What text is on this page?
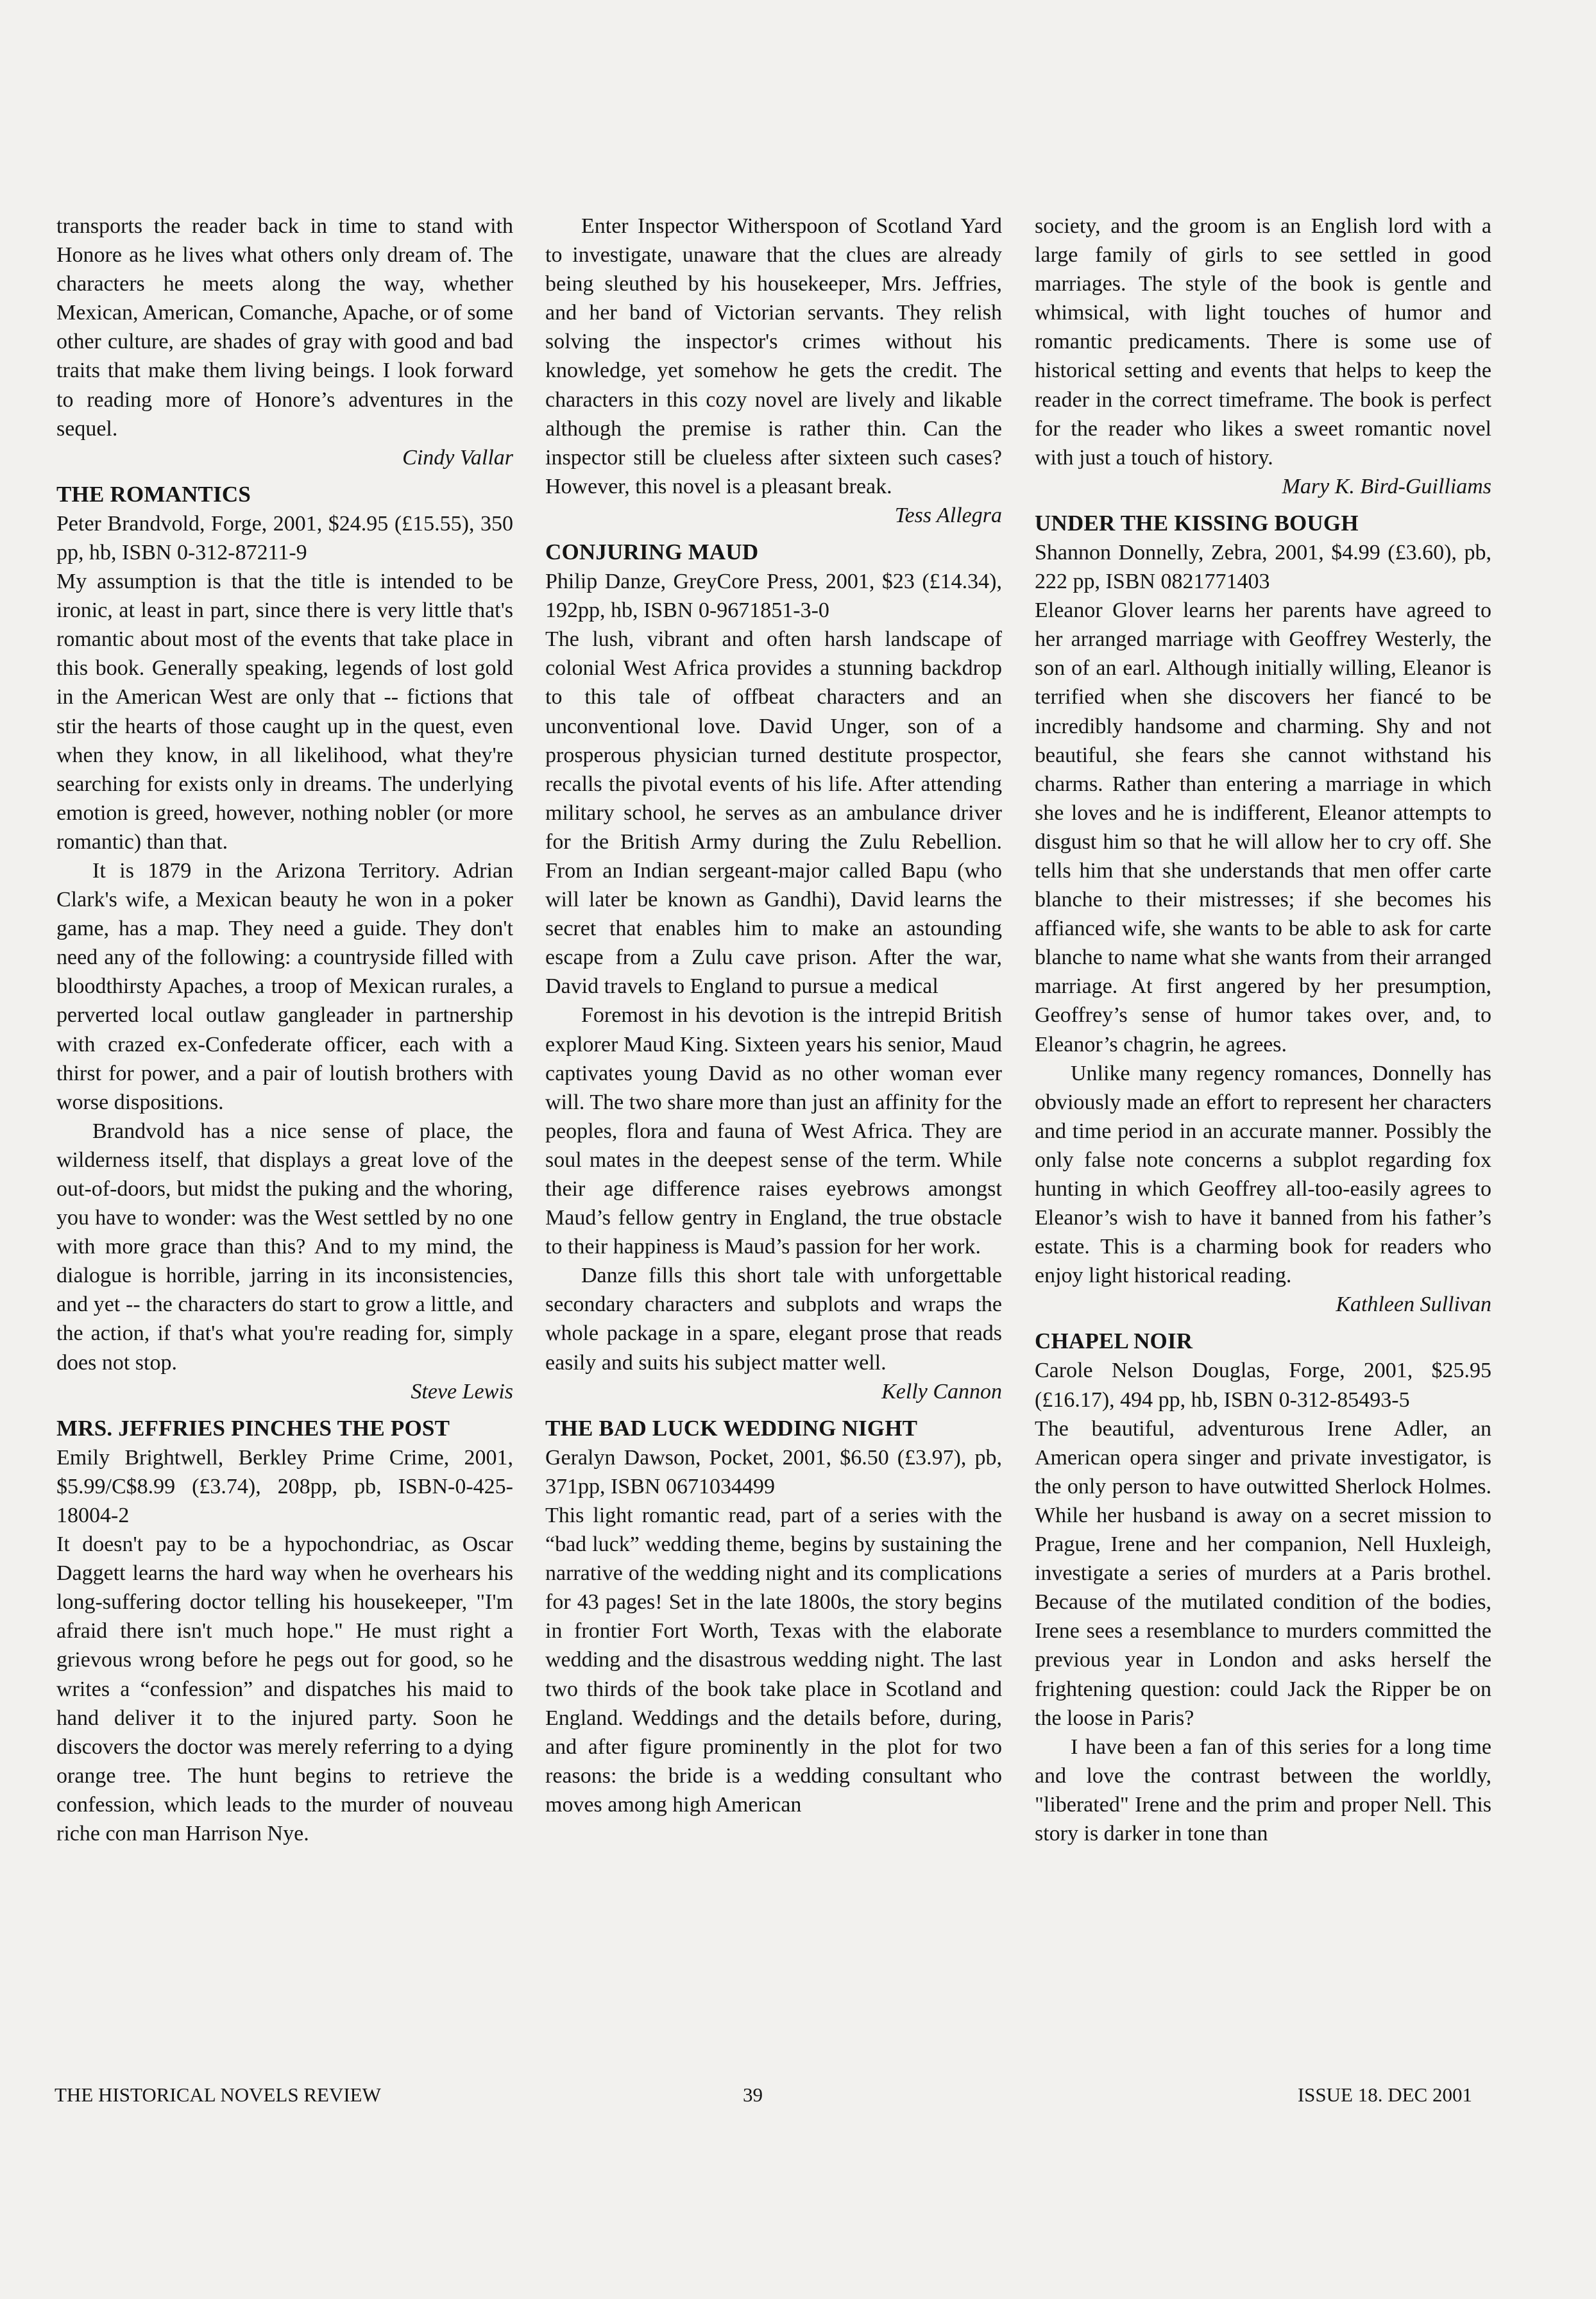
transports the reader back in time to stand with Honore as he lives what others only dream of. The characters he meets along the way, whether Mexican, American, Comanche, Apache, or of some other culture, are shades of gray with good and bad traits that make them living beings. I look forward to reading more of Honore’s adventures in the sequel.

Cindy Vallar

THE ROMANTICS

Peter Brandvold, Forge, 2001, $24.95 (£15.55), 350 pp, hb, ISBN 0-312-87211-9

My assumption is that the title is intended to be ironic, at least in part, since there is very little that's romantic about most of the events that take place in this book. Generally speaking, legends of lost gold in the American West are only that -- fictions that stir the hearts of those caught up in the quest, even when they know, in all likelihood, what they're searching for exists only in dreams. The underlying emotion is greed, however, nothing nobler (or more romantic) than that.

It is 1879 in the Arizona Territory. Adrian Clark's wife, a Mexican beauty he won in a poker game, has a map. They need a guide. They don't need any of the following: a countryside filled with bloodthirsty Apaches, a troop of Mexican rurales, a perverted local outlaw gangleader in partnership with crazed ex-Confederate officer, each with a thirst for power, and a pair of loutish brothers with worse dispositions.

Brandvold has a nice sense of place, the wilderness itself, that displays a great love of the out-of-doors, but midst the puking and the whoring, you have to wonder: was the West settled by no one with more grace than this? And to my mind, the dialogue is horrible, jarring in its inconsistencies, and yet -- the characters do start to grow a little, and the action, if that's what you're reading for, simply does not stop.

Steve Lewis

MRS. JEFFRIES PINCHES THE POST

Emily Brightwell, Berkley Prime Crime, 2001, $5.99/C$8.99 (£3.74), 208pp, pb, ISBN-0-425-18004-2

It doesn't pay to be a hypochondriac, as Oscar Daggett learns the hard way when he overhears his long-suffering doctor telling his housekeeper, "I'm afraid there isn't much hope." He must right a grievous wrong before he pegs out for good, so he writes a “confession” and dispatches his maid to hand deliver it to the injured party. Soon he discovers the doctor was merely referring to a dying orange tree. The hunt begins to retrieve the confession, which leads to the murder of nouveau riche con man Harrison Nye.

Enter Inspector Witherspoon of Scotland Yard to investigate, unaware that the clues are already being sleuthed by his housekeeper, Mrs. Jeffries, and her band of Victorian servants. They relish solving the inspector's crimes without his knowledge, yet somehow he gets the credit. The characters in this cozy novel are lively and likable although the premise is rather thin. Can the inspector still be clueless after sixteen such cases? However, this novel is a pleasant break.

Tess Allegra

CONJURING MAUD

Philip Danze, GreyCore Press, 2001, $23 (£14.34), 192pp, hb, ISBN 0-9671851-3-0

The lush, vibrant and often harsh landscape of colonial West Africa provides a stunning backdrop to this tale of offbeat characters and an unconventional love. David Unger, son of a prosperous physician turned destitute prospector, recalls the pivotal events of his life. After attending military school, he serves as an ambulance driver for the British Army during the Zulu Rebellion. From an Indian sergeant-major called Bapu (who will later be known as Gandhi), David learns the secret that enables him to make an astounding escape from a Zulu cave prison. After the war, David travels to England to pursue a medical

Foremost in his devotion is the intrepid British explorer Maud King. Sixteen years his senior, Maud captivates young David as no other woman ever will. The two share more than just an affinity for the peoples, flora and fauna of West Africa. They are soul mates in the deepest sense of the term. While their age difference raises eyebrows amongst Maud’s fellow gentry in England, the true obstacle to their happiness is Maud’s passion for her work.

Danze fills this short tale with unforgettable secondary characters and subplots and wraps the whole package in a spare, elegant prose that reads easily and suits his subject matter well.

Kelly Cannon

THE BAD LUCK WEDDING NIGHT

Geralyn Dawson, Pocket, 2001, $6.50 (£3.97), pb, 371pp, ISBN 0671034499

This light romantic read, part of a series with the “bad luck” wedding theme, begins by sustaining the narrative of the wedding night and its complications for 43 pages! Set in the late 1800s, the story begins in frontier Fort Worth, Texas with the elaborate wedding and the disastrous wedding night. The last two thirds of the book take place in Scotland and England. Weddings and the details before, during, and after figure prominently in the plot for two reasons: the bride is a wedding consultant who moves among high American

society, and the groom is an English lord with a large family of girls to see settled in good marriages. The style of the book is gentle and whimsical, with light touches of humor and romantic predicaments. There is some use of historical setting and events that helps to keep the reader in the correct timeframe. The book is perfect for the reader who likes a sweet romantic novel with just a touch of history.

Mary K. Bird-Guilliams

UNDER THE KISSING BOUGH

Shannon Donnelly, Zebra, 2001, $4.99 (£3.60), pb, 222 pp, ISBN 0821771403

Eleanor Glover learns her parents have agreed to her arranged marriage with Geoffrey Westerly, the son of an earl. Although initially willing, Eleanor is terrified when she discovers her fiancé to be incredibly handsome and charming. Shy and not beautiful, she fears she cannot withstand his charms. Rather than entering a marriage in which she loves and he is indifferent, Eleanor attempts to disgust him so that he will allow her to cry off. She tells him that she understands that men offer carte blanche to their mistresses; if she becomes his affianced wife, she wants to be able to ask for carte blanche to name what she wants from their arranged marriage. At first angered by her presumption, Geoffrey’s sense of humor takes over, and, to Eleanor’s chagrin, he agrees.

Unlike many regency romances, Donnelly has obviously made an effort to represent her characters and time period in an accurate manner. Possibly the only false note concerns a subplot regarding fox hunting in which Geoffrey all-too-easily agrees to Eleanor’s wish to have it banned from his father’s estate. This is a charming book for readers who enjoy light historical reading.

Kathleen Sullivan

CHAPEL NOIR

Carole Nelson Douglas, Forge, 2001, $25.95 (£16.17), 494 pp, hb, ISBN 0-312-85493-5

The beautiful, adventurous Irene Adler, an American opera singer and private investigator, is the only person to have outwitted Sherlock Holmes. While her husband is away on a secret mission to Prague, Irene and her companion, Nell Huxleigh, investigate a series of murders at a Paris brothel. Because of the mutilated condition of the bodies, Irene sees a resemblance to murders committed the previous year in London and asks herself the frightening question: could Jack the Ripper be on the loose in Paris?

I have been a fan of this series for a long time and love the contrast between the worldly, "liberated" Irene and the prim and proper Nell. This story is darker in tone than

THE HISTORICAL NOVELS REVIEW	39	ISSUE 18. DEC 2001
